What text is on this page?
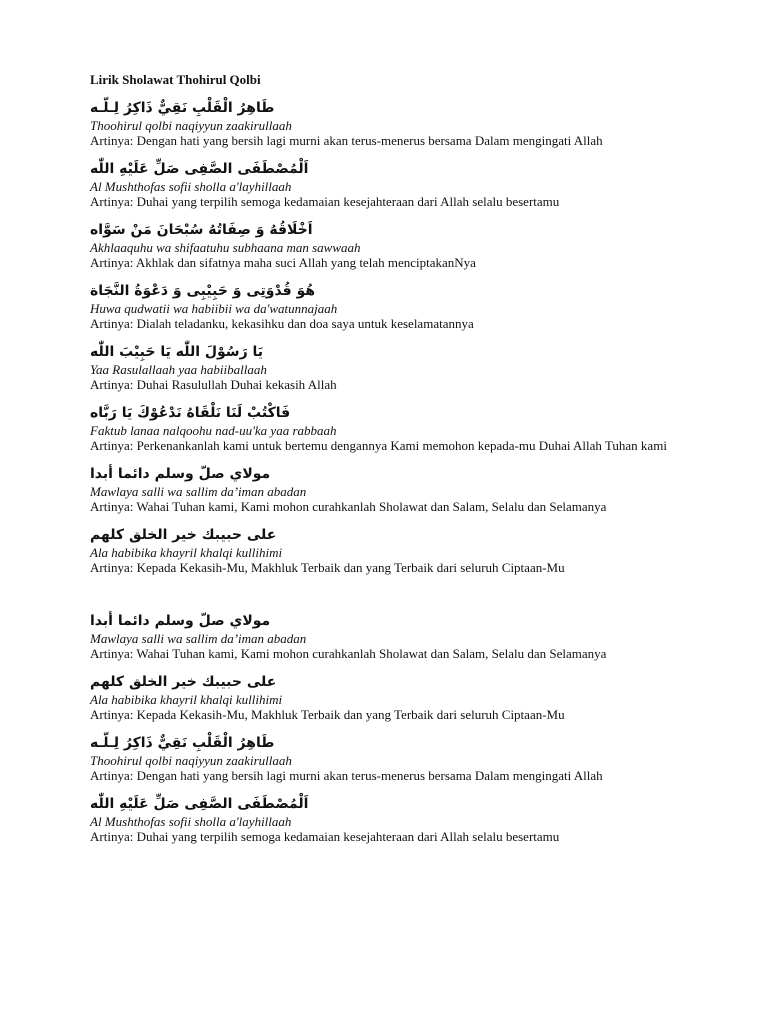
Lirik Sholawat Thohirul Qolbi
طَاهِرُ الْقَلْبِ نَقِيٌّ ذَاكِرُ لِـلّـه
Thoohirul qolbi naqiyyun zaakirullaah
Artinya: Dengan hati yang bersih lagi murni akan terus-menerus bersama Dalam mengingati Allah
اَلْمُصْطَفَى الصَّفِى صَلِّ عَلَيْهِ اللّٰه
Al Mushthofas sofii sholla a'layhillaah
Artinya: Duhai yang terpilih semoga kedamaian kesejahteraan dari Allah selalu besertamu
اَخْلَاقُهُ وَ صِفَاتُهُ سُبْحَانَ مَنْ سَوَّاه
Akhlaaquhu wa shifaatuhu subhaana man sawwaah
Artinya: Akhlak dan sifatnya maha suci Allah yang telah menciptakanNya
هُوَ قُدْوَتِى وَ حَبِيْبِى وَ دَعْوَةُ النَّجَاة
Huwa qudwatii wa habiibii wa da'watunnajaah
Artinya: Dialah teladanku, kekasihku dan doa saya untuk keselamatannya
يَا رَسُوْلَ اللّٰه يَا حَبِيْبَ اللّٰه
Yaa Rasulallaah yaa habiiballaah
Artinya: Duhai Rasulullah Duhai kekasih Allah
فَاكْتُبْ لَنَا نَلْقَاهُ نَدْعُوْكَ يَا رَبَّاه
Faktub lanaa nalqoohu nad-uu'ka yaa rabbaah
Artinya: Perkenankanlah kami untuk bertemu dengannya Kami memohon kepada-mu Duhai Allah Tuhan kami
مولاي صلّ وسلم دائما أبدا
Mawlaya salli wa sallim da’iman abadan
Artinya: Wahai Tuhan kami, Kami mohon curahkanlah Sholawat dan Salam, Selalu dan Selamanya
على حبيبك خير الخلق كلهم
Ala habibika khayril khalqi kullihimi
Artinya: Kepada Kekasih-Mu, Makhluk Terbaik dan yang Terbaik dari seluruh Ciptaan-Mu
مولاي صلّ وسلم دائما أبدا
Mawlaya salli wa sallim da’iman abadan
Artinya: Wahai Tuhan kami, Kami mohon curahkanlah Sholawat dan Salam, Selalu dan Selamanya
على حبيبك خير الخلق كلهم
Ala habibika khayril khalqi kullihimi
Artinya: Kepada Kekasih-Mu, Makhluk Terbaik dan yang Terbaik dari seluruh Ciptaan-Mu
طَاهِرُ الْقَلْبِ نَقِيٌّ ذَاكِرُ لِـلّـه
Thoohirul qolbi naqiyyun zaakirullaah
Artinya: Dengan hati yang bersih lagi murni akan terus-menerus bersama Dalam mengingati Allah
اَلْمُصْطَفَى الصَّفِى صَلِّ عَلَيْهِ اللّٰه
Al Mushthofas sofii sholla a'layhillaah
Artinya: Duhai yang terpilih semoga kedamaian kesejahteraan dari Allah selalu besertamu
